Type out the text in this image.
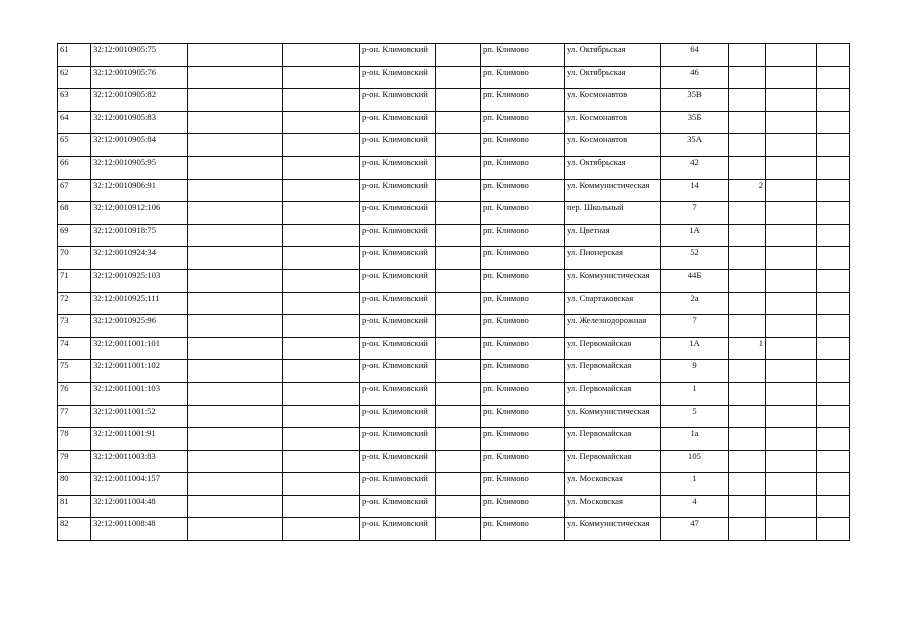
61	32:12:0010905:75			р-он. Климовский		рп. Климово	ул. Октябрьская	64			
62	32:12:0010905:76			р-он. Климовский		рп. Климово	ул. Октябрьская	46			
63	32:12:0010905:82			р-он. Климовский		рп. Климово	ул. Космонавтов	35В			
64	32:12:0010905:83			р-он. Климовский		рп. Климово	ул. Космонавтов	35Б			
65	32:12:0010905:84			р-он. Климовский		рп. Климово	ул. Космонавтов	35А			
66	32:12:0010905:95			р-он. Климовский		рп. Климово	ул. Октябрьская	42			
67	32:12:0010906:91			р-он. Климовский		рп. Климово	ул. Коммунистическая	14	2		
68	32:12:0010912:106			р-он. Климовский		рп. Климово	пер. Школьный	7			
69	32:12:0010918:75			р-он. Климовский		рп. Климово	ул. Цветная	1А			
70	32:12:0010924:34			р-он. Климовский		рп. Климово	ул. Пионерская	52			
71	32:12:0010925:103			р-он. Климовский		рп. Климово	ул. Коммунистическая	44Б			
72	32:12:0010925:111			р-он. Климовский		рп. Климово	ул. Спартаковская	2а			
73	32:12:0010925:96			р-он. Климовский		рп. Климово	ул. Железнодорожная	7			
74	32:12:0011001:101			р-он. Климовский		рп. Климово	ул. Первомайская	1А	1		
75	32:12:0011001:102			р-он. Климовский		рп. Климово	ул. Первомайская	9			
76	32:12:0011001:103			р-он. Климовский		рп. Климово	ул. Первомайская	1			
77	32:12:0011001:52			р-он. Климовский		рп. Климово	ул. Коммунистическая	5			
78	32:12:0011001:91			р-он. Климовский		рп. Климово	ул. Первомайская	1а			
79	32:12:0011003:83			р-он. Климовский		рп. Климово	ул. Первомайская	105			
80	32:12:0011004:157			р-он. Климовский		рп. Климово	ул. Московская	1			
81	32:12:0011004:48			р-он. Климовский		рп. Климово	ул. Московская	4			
82	32:12:0011008:48			р-он. Климовский		рп. Климово	ул. Коммунистическая	47			
